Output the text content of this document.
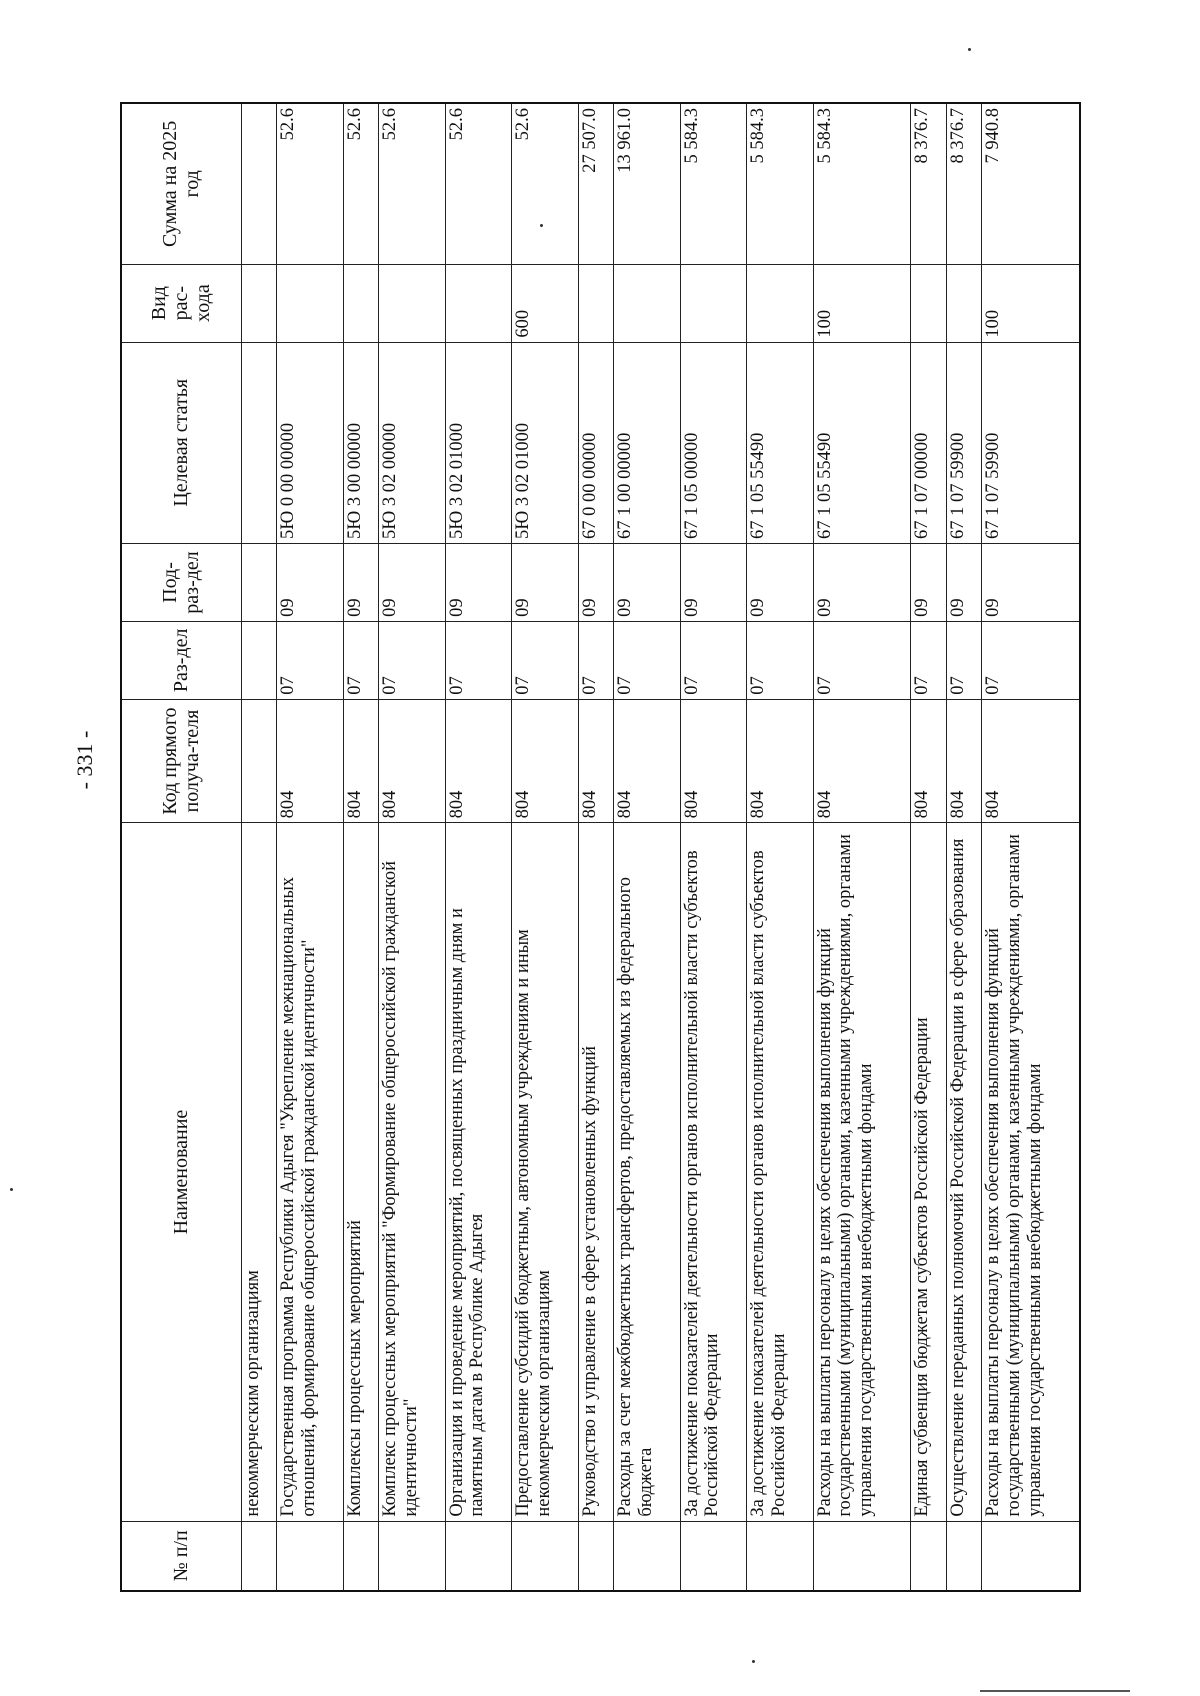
- 331 -
№ п/п	Наименование	Код прямого получа-теля	Раз-дел	Под-раз-дел	Целевая статья	Вид рас-хода	Сумма на 2025 год
	некоммерческим организациям						
	Государственная программа Республики Адыгея "Укрепление межнациональных отношений, формирование общероссийской гражданской идентичности"	804	07	09	5Ю 0 00 00000		52.6
	Комплексы процессных мероприятий	804	07	09	5Ю 3 00 00000		52.6
	Комплекс процессных мероприятий "Формирование общероссийской гражданской идентичности"	804	07	09	5Ю 3 02 00000		52.6
	Организация и проведение мероприятий, посвященных праздничным дням и памятным датам в Республике Адыгея	804	07	09	5Ю 3 02 01000		52.6
	Предоставление субсидий бюджетным, автономным учреждениям и иным некоммерческим организациям	804	07	09	5Ю 3 02 01000	600	52.6
	Руководство и управление в сфере установленных функций	804	07	09	67 0 00 00000		27 507.0
	Расходы за счет межбюджетных трансфертов, предоставляемых из федерального бюджета	804	07	09	67 1 00 00000		13 961.0
	За достижение показателей деятельности органов исполнительной власти субъектов Российской Федерации	804	07	09	67 1 05 00000		5 584.3
	За достижение показателей деятельности органов исполнительной власти субъектов Российской Федерации	804	07	09	67 1 05 55490		5 584.3
	Расходы на выплаты персоналу в целях обеспечения выполнения функций государственными (муниципальными) органами, казенными учреждениями, органами управления государственными внебюджетными фондами	804	07	09	67 1 05 55490	100	5 584.3
	Единая субвенция бюджетам субъектов Российской Федерации	804	07	09	67 1 07 00000		8 376.7
	Осуществление переданных полномочий Российской Федерации в сфере образования	804	07	09	67 1 07 59900		8 376.7
	Расходы на выплаты персоналу в целях обеспечения выполнения функций государственными (муниципальными) органами, казенными учреждениями, органами управления государственными внебюджетными фондами	804	07	09	67 1 07 59900	100	7 940.8
